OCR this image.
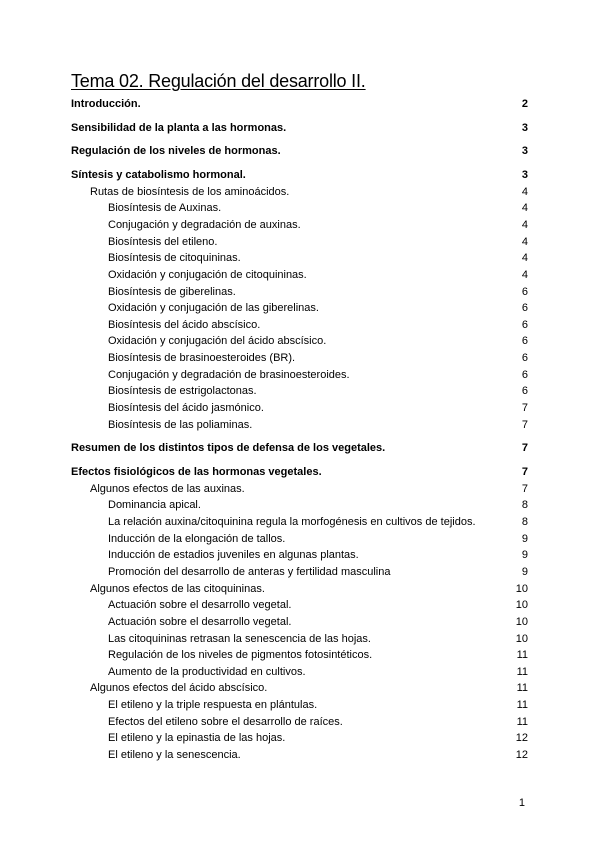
Tema 02. Regulación del desarrollo II.
Introducción.	2
Sensibilidad de la planta a las hormonas.	3
Regulación de los niveles de hormonas.	3
Síntesis y catabolismo hormonal.	3
Rutas de biosíntesis de los aminoácidos.	4
Biosíntesis de Auxinas.	4
Conjugación y degradación de auxinas.	4
Biosíntesis del etileno.	4
Biosíntesis de citoquininas.	4
Oxidación y conjugación de citoquininas.	4
Biosíntesis de giberelinas.	6
Oxidación y conjugación de las giberelinas.	6
Biosíntesis del ácido abscísico.	6
Oxidación y conjugación del ácido abscísico.	6
Biosíntesis de brasinoesteroides (BR).	6
Conjugación y degradación de brasinoesteroides.	6
Biosíntesis de estrigolactonas.	6
Biosíntesis del ácido jasmónico.	7
Biosíntesis de las poliaminas.	7
Resumen de los distintos tipos de defensa de los vegetales.	7
Efectos fisiológicos de las hormonas vegetales.	7
Algunos efectos de las auxinas.	7
Dominancia apical.	8
La relación auxina/citoquinina regula la morfogénesis en cultivos de tejidos.	8
Inducción de la elongación de tallos.	9
Inducción de estadios juveniles en algunas plantas.	9
Promoción del desarrollo de anteras y fertilidad masculina	9
Algunos efectos de las citoquininas.	10
Actuación sobre el desarrollo vegetal.	10
Actuación sobre el desarrollo vegetal.	10
Las citoquininas retrasan la senescencia de las hojas.	10
Regulación de los niveles de pigmentos fotosintéticos.	11
Aumento de la productividad en cultivos.	11
Algunos efectos del ácido abscísico.	11
El etileno y la triple respuesta en plántulas.	11
Efectos del etileno sobre el desarrollo de raíces.	11
El etileno y la epinastia de las hojas.	12
El etileno y la senescencia.	12
1
